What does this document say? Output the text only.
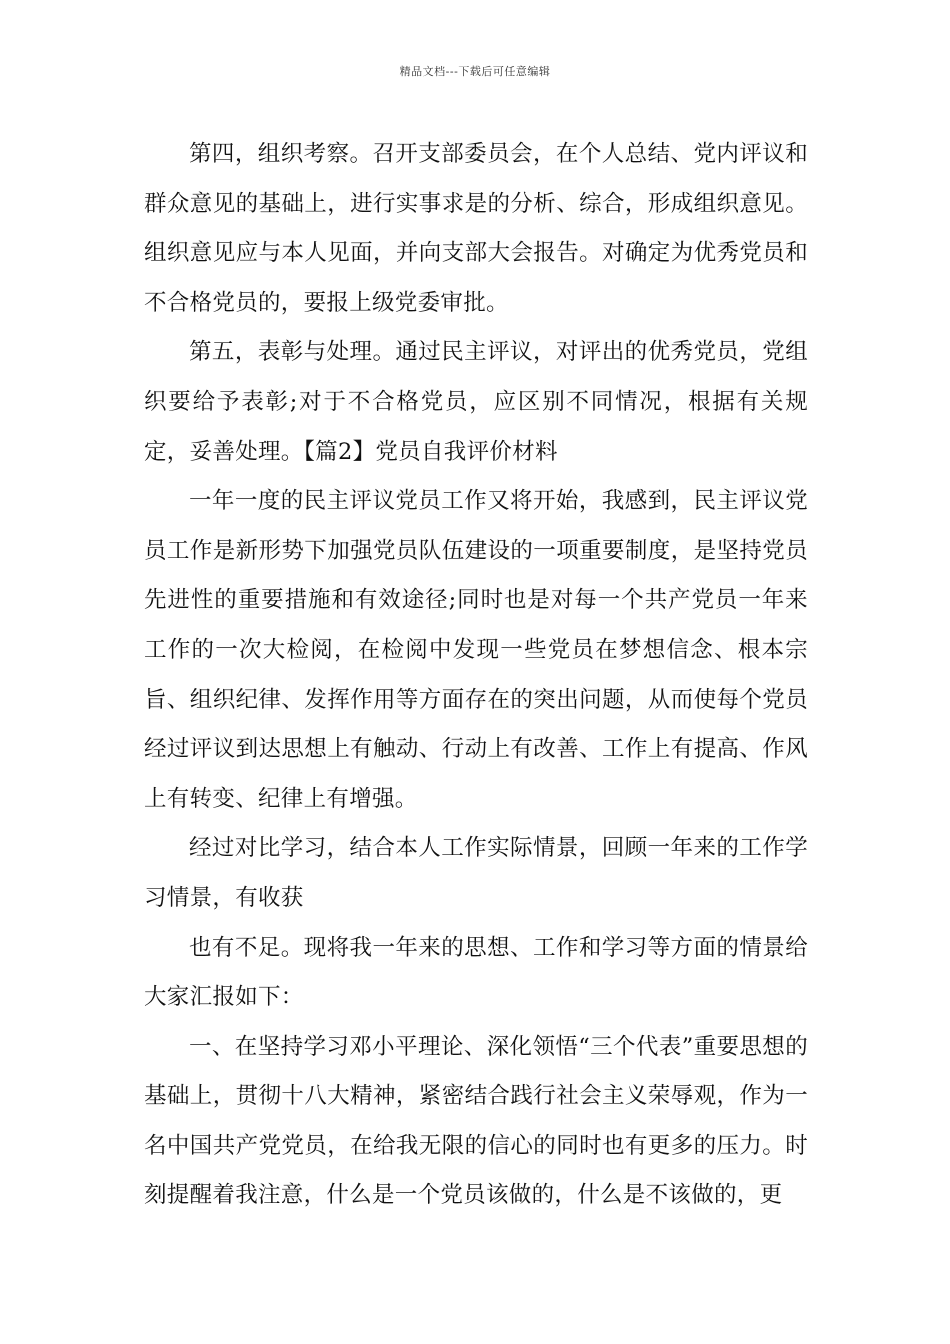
精品文档---下载后可任意编辑

第四，组织考察。召开支部委员会，在个人总结、党内评议和群众意见的基础上，进行实事求是的分析、综合，形成组织意见。组织意见应与本人见面，并向支部大会报告。对确定为优秀党员和不合格党员的，要报上级党委审批。

第五，表彰与处理。通过民主评议，对评出的优秀党员，党组织要给予表彰;对于不合格党员，应区别不同情况，根据有关规定，妥善处理。【篇2】党员自我评价材料

一年一度的民主评议党员工作又将开始，我感到，民主评议党员工作是新形势下加强党员队伍建设的一项重要制度，是坚持党员先进性的重要措施和有效途径;同时也是对每一个共产党员一年来工作的一次大检阅，在检阅中发现一些党员在梦想信念、根本宗旨、组织纪律、发挥作用等方面存在的突出问题，从而使每个党员经过评议到达思想上有触动、行动上有改善、工作上有提高、作风上有转变、纪律上有增强。

经过对比学习，结合本人工作实际情景，回顾一年来的工作学习情景，有收获

也有不足。现将我一年来的思想、工作和学习等方面的情景给大家汇报如下：

一、在坚持学习邓小平理论、深化领悟“三个代表”重要思想的基础上，贯彻十八大精神，紧密结合践行社会主义荣辱观，作为一名中国共产党党员，在给我无限的信心的同时也有更多的压力。时刻提醒着我注意，什么是一个党员该做的，什么是不该做的，更
